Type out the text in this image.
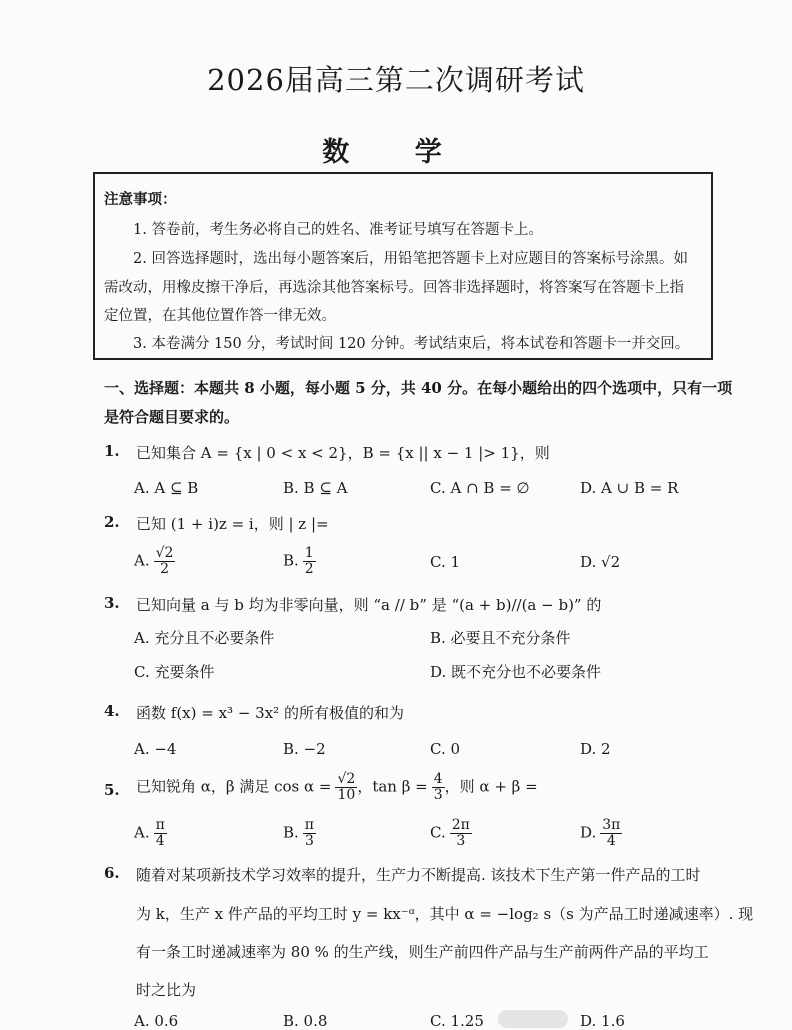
2026届高三第二次调研考试
数 学
注意事项：
1. 答卷前，考生务必将自己的姓名、准考证号填写在答题卡上。
2. 回答选择题时，选出每小题答案后，用铅笔把答题卡上对应题目的答案标号涂黑。如
需改动，用橡皮擦干净后，再选涂其他答案标号。回答非选择题时，将答案写在答题卡上指
定位置，在其他位置作答一律无效。
3. 本卷满分 150 分，考试时间 120 分钟。考试结束后，将本试卷和答题卡一并交回。
一、选择题：本题共 8 小题，每小题 5 分，共 40 分。在每小题给出的四个选项中，只有一项
是符合题目要求的。
1. 已知集合 A = {x | 0 < x < 2}，B = {x || x − 1 |> 1}，则
A. A ⊆ B	B. B ⊆ A	C. A ∩ B = ∅	D. A ∪ B = R
2. 已知 (1 + i)z = i，则 | z |=
A. $\frac{√2}{2}$	B. $\frac{1}{2}$	C. 1	D. √2
3. 已知向量 a 与 b 均为非零向量，则 “a // b” 是 “(a + b)//(a − b)” 的
A. 充分且不必要条件	B. 必要且不充分条件
C. 充要条件	D. 既不充分也不必要条件
4. 函数 f(x) = x³ − 3x² 的所有极值的和为
A. −4	B. −2	C. 0	D. 2
5. 已知锐角 α，β 满足 $\cos \alpha = \frac{√2}{10}$ ，$\tan \beta = \frac{4}{3}$ ，则 α + β =
A. $\frac{\pi}{4}$	B. $\frac{\pi}{3}$	C. $\frac{2\pi}{3}$	D. $\frac{3\pi}{4}$
6. 随着对某项新技术学习效率的提升，生产力不断提高. 该技术下生产第一件产品的工时
为 k，生产 x 件产品的平均工时 y = kx⁻ᵅ，其中 α = −log₂ s（s 为产品工时递减速率）. 现
有一条工时递减速率为 80 % 的生产线，则生产前四件产品与生产前两件产品的平均工
时之比为
A. 0.6	B. 0.8	C. 1.25	D. 1.6
